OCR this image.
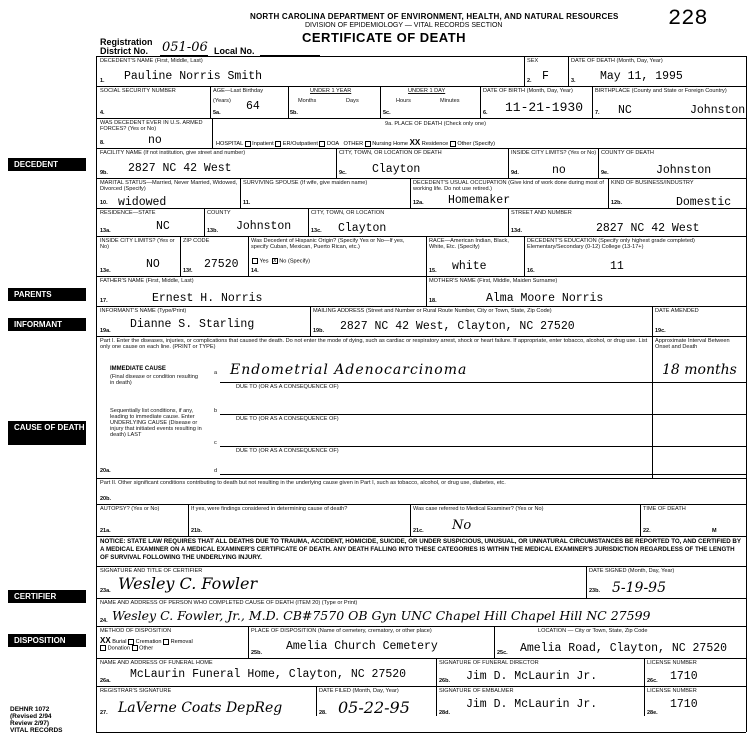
NORTH CAROLINA DEPARTMENT OF ENVIRONMENT, HEALTH, AND NATURAL RESOURCES
DIVISION OF EPIDEMIOLOGY — VITAL RECORDS SECTION
CERTIFICATE OF DEATH
228
Registration
District No.	051-06 Local No.
DECEDENT
PARENTS
INFORMANT
CAUSE OF DEATH
CERTIFIER
DISPOSITION
DEHNR 1072
(Revised 2/94
Review 2/97)
VITAL RECORDS
DECEDENT'S NAME (First, Middle, Last)
1. Pauline Norris Smith
SEX
2. F
DATE OF DEATH (Month, Day, Year)
3. May 11, 1995
SOCIAL SECURITY NUMBER
4.
AGE—Last Birthday
(Years)
5a. 64
UNDER 1 YEAR
Months	Days
5b.
UNDER 1 DAY
Hours	Minutes
5c.
DATE OF BIRTH (Month, Day, Year)
6. 11-21-1930
BIRTHPLACE (County and State or Foreign Country)
7. NC	Johnston
WAS DECEDENT EVER IN U.S. ARMED FORCES? (Yes or No)
8.	no
9a. PLACE OF DEATH (Check only one)
HOSPITAL Inpatient ER/Outpatient DOA OTHER Nursing Home XX Residence Other (Specify)
FACILITY NAME (If not institution, give street and number)
9b. 2827 NC 42 West
CITY, TOWN, OR LOCATION OF DEATH
9c. Clayton
INSIDE CITY LIMITS? (Yes or No)
9d.	no
COUNTY OF DEATH
9e.	Johnston
MARITAL STATUS—Married, Never Married, Widowed, Divorced (Specify)
10. widowed
SURVIVING SPOUSE (If wife, give maiden name)
11.
DECEDENT'S USUAL OCCUPATION (Give kind of work done during most of working life. Do not use retired.)
12a. Homemaker
KIND OF BUSINESS/INDUSTRY
12b.	Domestic
RESIDENCE—STATE
13a.	NC
COUNTY
13b. Johnston
CITY, TOWN, OR LOCATION
13c. Clayton
STREET AND NUMBER
13d.	2827 NC 42 West
INSIDE CITY LIMITS? (Yes or No)
13e.	NO
ZIP CODE
13f. 27520
Was Decedent of Hispanic Origin? (Specify Yes or No—If yes, specify Cuban, Mexican, Puerto Rican, etc.)
Yes x No (Specify)
14.
RACE—American Indian, Black, White, Etc. (Specify)
15. white
DECEDENT'S EDUCATION (Specify only highest grade completed) Elementary/Secondary (0-12) College (13-17+)
16.	11
FATHER'S NAME (First, Middle, Last)
17.	Ernest H. Norris
MOTHER'S NAME (First, Middle, Maiden Surname)
18.	Alma Moore Norris
INFORMANT'S NAME (Type/Print)
19a. Dianne S. Starling
MAILING ADDRESS (Street and Number or Rural Route Number, City or Town, State, Zip Code)
19b. 2827 NC 42 West, Clayton, NC 27520
DATE AMENDED
19c.
Part I. Enter the diseases, injuries, or complications that caused the death. Do not enter the mode of dying, such as cardiac or respiratory arrest, shock or heart failure. If appropriate, enter tobacco, alcohol, or drug use. List only one cause on each line. (PRINT or TYPE)
Approximate Interval Between Onset and Death
IMMEDIATE CAUSE
(Final disease or condition resulting in death)
a Endometrial Adenocarcinoma	18 months
DUE TO (OR AS A CONSEQUENCE OF)
Sequentially list conditions, if any, leading to immediate cause. Enter UNDERLYING CAUSE (Disease or injury that initiated events resulting in death) LAST
b
DUE TO (OR AS A CONSEQUENCE OF)
c
DUE TO (OR AS A CONSEQUENCE OF)
20a.	d
Part II. Other significant conditions contributing to death but not resulting in the underlying cause given in Part I, such as tobacco, alcohol, or drug use, diabetes, etc.
20b.
AUTOPSY? (Yes or No)
21a.
If yes, were findings considered in determining cause of death?
21b.
Was case referred to Medical Examiner? (Yes or No)
21c. No
TIME OF DEATH
22.	M
NOTICE: STATE LAW REQUIRES THAT ALL DEATHS DUE TO TRAUMA, ACCIDENT, HOMICIDE, SUICIDE, OR UNDER SUSPICIOUS, UNUSUAL, OR UNNATURAL CIRCUMSTANCES BE REPORTED TO, AND CERTIFIED BY A MEDICAL EXAMINER ON A MEDICAL EXAMINER'S CERTIFICATE OF DEATH. ANY DEATH FALLING INTO THESE CATEGORIES IS WITHIN THE MEDICAL EXAMINER'S JURISDICTION REGARDLESS OF THE LENGTH OF SURVIVAL FOLLOWING THE UNDERLYING INJURY.
SIGNATURE AND TITLE OF CERTIFIER
23a. Wesley C. Fowler
DATE SIGNED (Month, Day, Year)
23b. 5-19-95
NAME AND ADDRESS OF PERSON WHO COMPLETED CAUSE OF DEATH (ITEM 20) (Type or Print)
24. Wesley C. Fowler, Jr., M.D. CB#7570 OB Gyn UNC Chapel Hill Chapel Hill NC 27599
METHOD OF DISPOSITION
XX Burial Cremation Removal
Donation Other
PLACE OF DISPOSITION (Name of cemetery, crematory, or other place)
25b. Amelia Church Cemetery
LOCATION — City or Town, State, Zip Code
25c. Amelia Road, Clayton, NC 27520
NAME AND ADDRESS OF FUNERAL HOME
26a. McLaurin Funeral Home, Clayton, NC 27520
SIGNATURE OF FUNERAL DIRECTOR
26b. Jim D. McLaurin Jr.
LICENSE NUMBER
26c. 1710
REGISTRAR'S SIGNATURE
27. LaVerne Coats DepReg
DATE FILED (Month, Day, Year)
28. 05-22-95
SIGNATURE OF EMBALMER
28d.
Jim D. McLaurin Jr.
LICENSE NUMBER
28e.
1710
